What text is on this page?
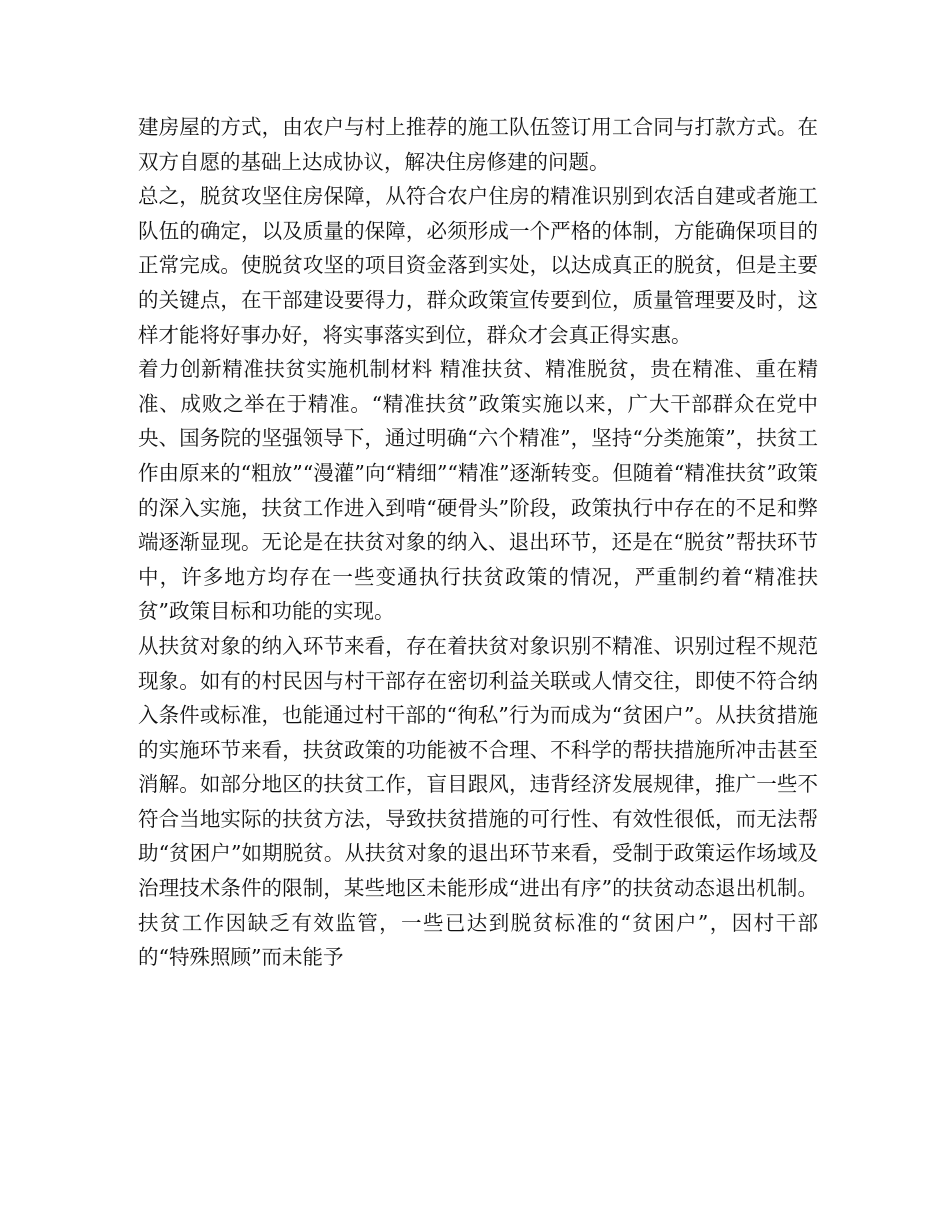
建房屋的方式，由农户与村上推荐的施工队伍签订用工合同与打款方式。在双方自愿的基础上达成协议，解决住房修建的问题。

总之，脱贫攻坚住房保障，从符合农户住房的精准识别到农活自建或者施工队伍的确定，以及质量的保障，必须形成一个严格的体制，方能确保项目的正常完成。使脱贫攻坚的项目资金落到实处，以达成真正的脱贫，但是主要的关键点，在干部建设要得力，群众政策宣传要到位，质量管理要及时，这样才能将好事办好，将实事落实到位，群众才会真正得实惠。

着力创新精准扶贫实施机制材料 精准扶贫、精准脱贫，贵在精准、重在精准、成败之举在于精准。“精准扶贫”政策实施以来，广大干部群众在党中央、国务院的坚强领导下，通过明确“六个精准”，坚持“分类施策”，扶贫工作由原来的“粗放”“漫灌”向“精细”“精准”逐渐转变。但随着“精准扶贫”政策的深入实施，扶贫工作进入到啃“硬骨头”阶段，政策执行中存在的不足和弊端逐渐显现。无论是在扶贫对象的纳入、退出环节，还是在“脱贫”帮扶环节中，许多地方均存在一些变通执行扶贫政策的情况，严重制约着“精准扶贫”政策目标和功能的实现。

从扶贫对象的纳入环节来看，存在着扶贫对象识别不精准、识别过程不规范现象。如有的村民因与村干部存在密切利益关联或人情交往，即使不符合纳入条件或标准，也能通过村干部的“徇私”行为而成为“贫困户”。从扶贫措施的实施环节来看，扶贫政策的功能被不合理、不科学的帮扶措施所冲击甚至消解。如部分地区的扶贫工作，盲目跟风，违背经济发展规律，推广一些不符合当地实际的扶贫方法，导致扶贫措施的可行性、有效性很低，而无法帮助“贫困户”如期脱贫。从扶贫对象的退出环节来看，受制于政策运作场域及治理技术条件的限制，某些地区未能形成“进出有序”的扶贫动态退出机制。扶贫工作因缺乏有效监管，一些已达到脱贫标准的“贫困户”，因村干部的“特殊照顾”而未能予
